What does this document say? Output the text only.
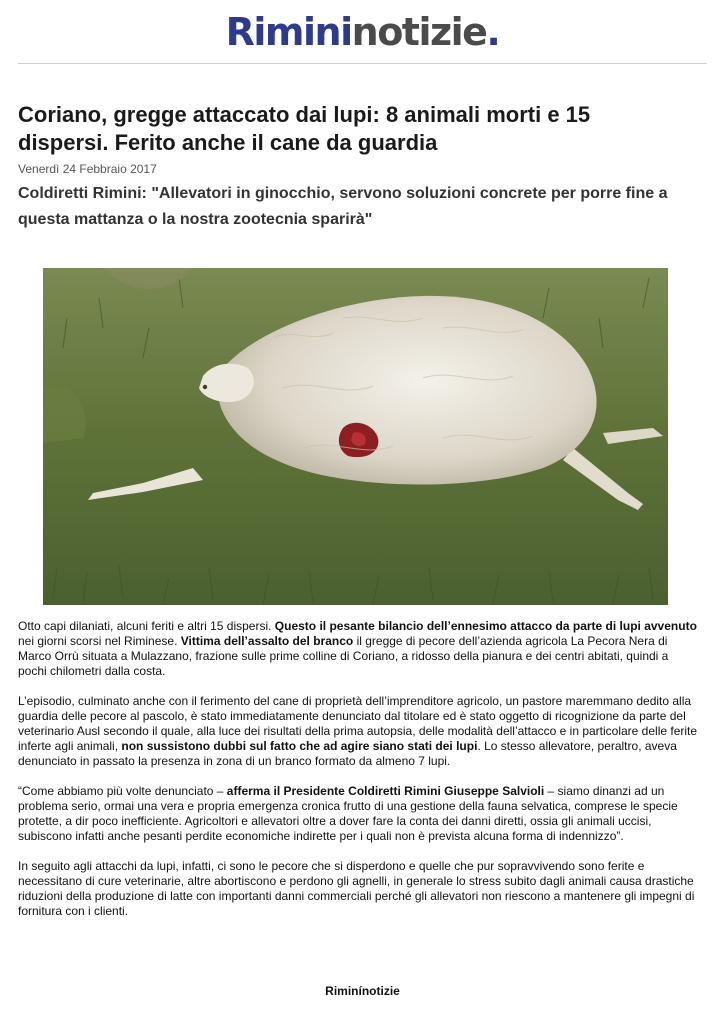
Rimininotizie.
Coriano, gregge attaccato dai lupi: 8 animali morti e 15 dispersi. Ferito anche il cane da guardia
Venerdì 24 Febbraio 2017
Coldiretti Rimini: "Allevatori in ginocchio, servono soluzioni concrete per porre fine a questa mattanza o la nostra zootecnia sparirà"

Otto capi dilaniati, alcuni feriti e altri 15 dispersi. Questo il pesante bilancio dell’ennesimo attacco da parte di lupi avvenuto nei giorni scorsi nel Riminese. Vittima dell’assalto del branco il gregge di pecore dell’azienda agricola La Pecora Nera di Marco Orrù situata a Mulazzano, frazione sulle prime colline di Coriano, a ridosso della pianura e dei centri abitati, quindi a pochi chilometri dalla costa.

L’episodio, culminato anche con il ferimento del cane di proprietà dell’imprenditore agricolo, un pastore maremmano dedito alla guardia delle pecore al pascolo, è stato immediatamente denunciato dal titolare ed è stato oggetto di ricognizione da parte del veterinario Ausl secondo il quale, alla luce dei risultati della prima autopsia, delle modalità dell’attacco e in particolare delle ferite inferte agli animali, non sussistono dubbi sul fatto che ad agire siano stati dei lupi. Lo stesso allevatore, peraltro, aveva denunciato in passato la presenza in zona di un branco formato da almeno 7 lupi.

“Come abbiamo più volte denunciato – afferma il Presidente Coldiretti Rimini Giuseppe Salvioli – siamo dinanzi ad un problema serio, ormai una vera e propria emergenza cronica frutto di una gestione della fauna selvatica, comprese le specie protette, a dir poco inefficiente. Agricoltori e allevatori oltre a dover fare la conta dei danni diretti, ossia gli animali uccisi, subiscono infatti anche pesanti perdite economiche indirette per i quali non è prevista alcuna forma di indennizzo”.

In seguito agli attacchi da lupi, infatti, ci sono le pecore che si disperdono e quelle che pur sopravvivendo sono ferite e necessitano di cure veterinarie, altre abortiscono e perdono gli agnelli, in generale lo stress subito dagli animali causa drastiche riduzioni della produzione di latte con importanti danni commerciali perché gli allevatori non riescono a mantenere gli impegni di fornitura con i clienti.

Riminínotizie
